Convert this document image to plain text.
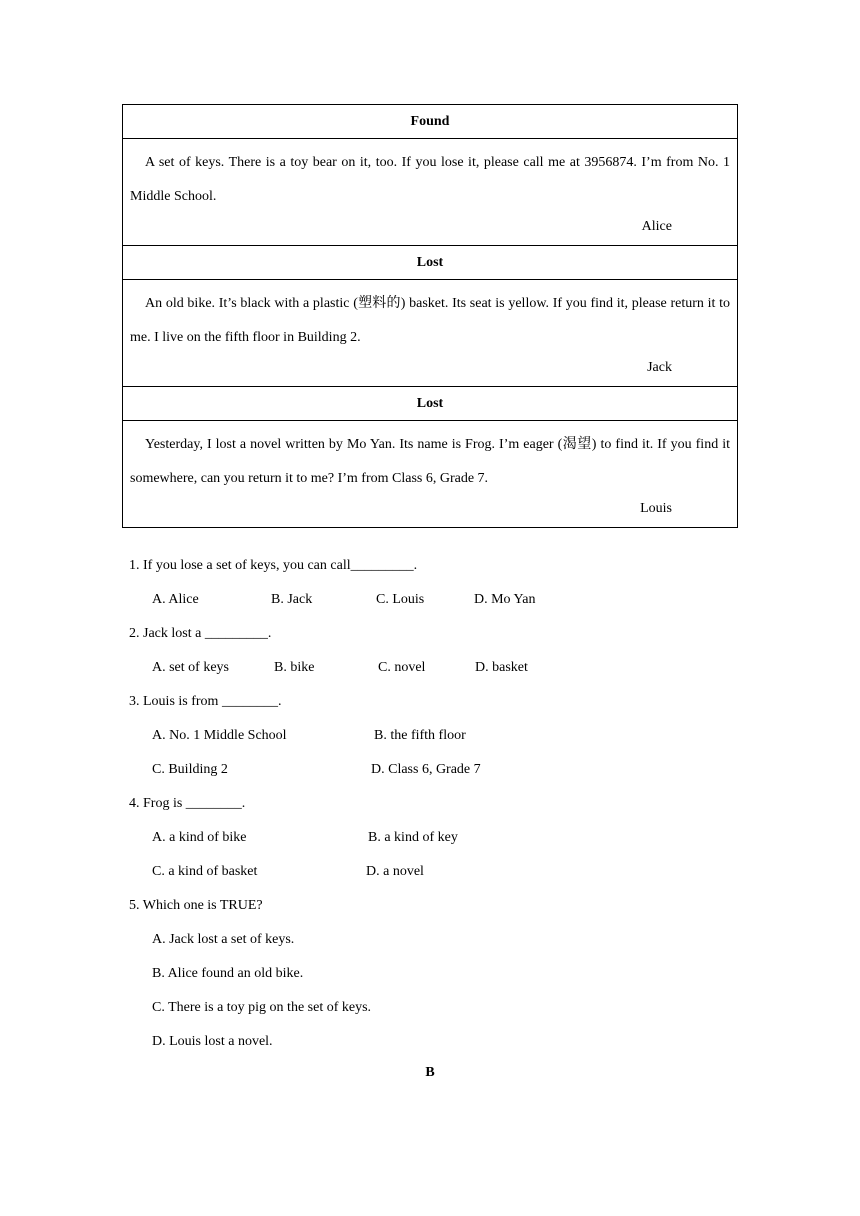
Found

A set of keys. There is a toy bear on it, too. If you lose it, please call me at 3956874. I’m from No. 1 Middle School.
Alice

Lost

An old bike. It’s black with a plastic (塑料的) basket. Its seat is yellow. If you find it, please return it to me. I live on the fifth floor in Building 2.
Jack

Lost

Yesterday, I lost a novel written by Mo Yan. Its name is Frog. I’m eager (渴望) to find it. If you find it somewhere, can you return it to me? I’m from Class 6, Grade 7.
Louis
1. If you lose a set of keys, you can call_________.
A. Alice	B. Jack	C. Louis	D. Mo Yan
2. Jack lost a _________.
A. set of keys	B. bike	C. novel	D. basket
3. Louis is from ________.
A. No. 1 Middle School	B. the fifth floor
C. Building 2	D. Class 6, Grade 7
4. Frog is ________.
A. a kind of bike	B. a kind of key
C. a kind of basket	D. a novel
5. Which one is TRUE?
A. Jack lost a set of keys.
B. Alice found an old bike.
C. There is a toy pig on the set of keys.
D. Louis lost a novel.
B
